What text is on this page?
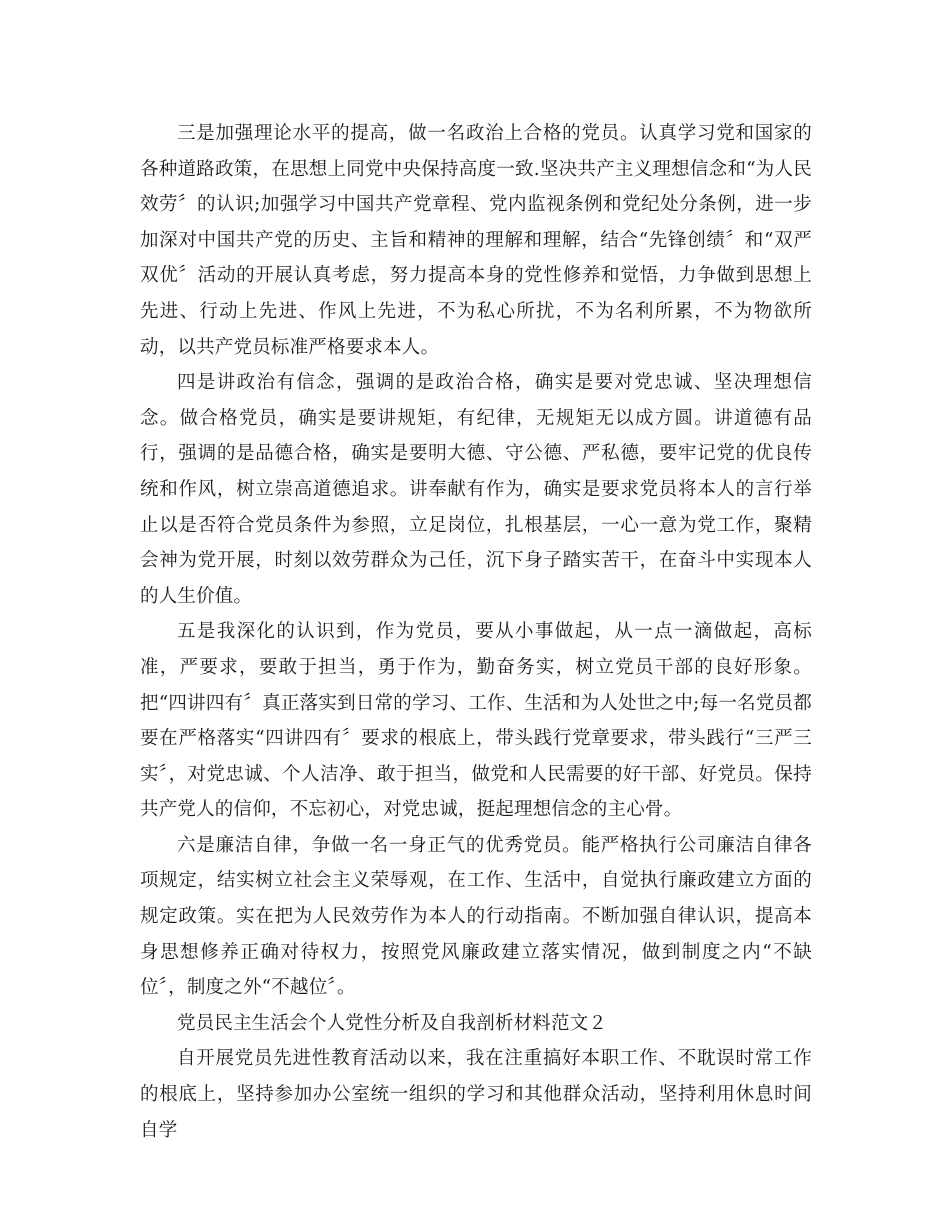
三是加强理论水平的提高，做一名政治上合格的党员。认真学习党和国家的各种道路政策，在思想上同党中央保持高度一致.坚决共产主义理想信念和“为人民效劳〞的认识;加强学习中国共产党章程、党内监视条例和党纪处分条例，进一步加深对中国共产党的历史、主旨和精神的理解和理解，结合“先锋创绩〞和“双严双优〞活动的开展认真考虑，努力提高本身的党性修养和觉悟，力争做到思想上先进、行动上先进、作风上先进，不为私心所扰，不为名利所累，不为物欲所动，以共产党员标准严格要求本人。

四是讲政治有信念，强调的是政治合格，确实是要对党忠诚、坚决理想信念。做合格党员，确实是要讲规矩，有纪律，无规矩无以成方圆。讲道德有品行，强调的是品德合格，确实是要明大德、守公德、严私德，要牢记党的优良传统和作风，树立崇高道德追求。讲奉献有作为，确实是要求党员将本人的言行举止以是否符合党员条件为参照，立足岗位，扎根基层，一心一意为党工作，聚精会神为党开展，时刻以效劳群众为己任，沉下身子踏实苦干，在奋斗中实现本人的人生价值。

五是我深化的认识到，作为党员，要从小事做起，从一点一滴做起，高标准，严要求，要敢于担当，勇于作为，勤奋务实，树立党员干部的良好形象。把“四讲四有〞真正落实到日常的学习、工作、生活和为人处世之中;每一名党员都要在严格落实“四讲四有〞要求的根底上，带头践行党章要求，带头践行“三严三实〞，对党忠诚、个人洁净、敢于担当，做党和人民需要的好干部、好党员。保持共产党人的信仰，不忘初心，对党忠诚，挺起理想信念的主心骨。

六是廉洁自律，争做一名一身正气的优秀党员。能严格执行公司廉洁自律各项规定，结实树立社会主义荣辱观，在工作、生活中，自觉执行廉政建立方面的规定政策。实在把为人民效劳作为本人的行动指南。不断加强自律认识，提高本身思想修养正确对待权力，按照党风廉政建立落实情况，做到制度之内“不缺位〞，制度之外“不越位〞。

党员民主生活会个人党性分析及自我剖析材料范文２

自开展党员先进性教育活动以来，我在注重搞好本职工作、不耽误时常工作的根底上，坚持参加办公室统一组织的学习和其他群众活动，坚持利用休息时间自学
